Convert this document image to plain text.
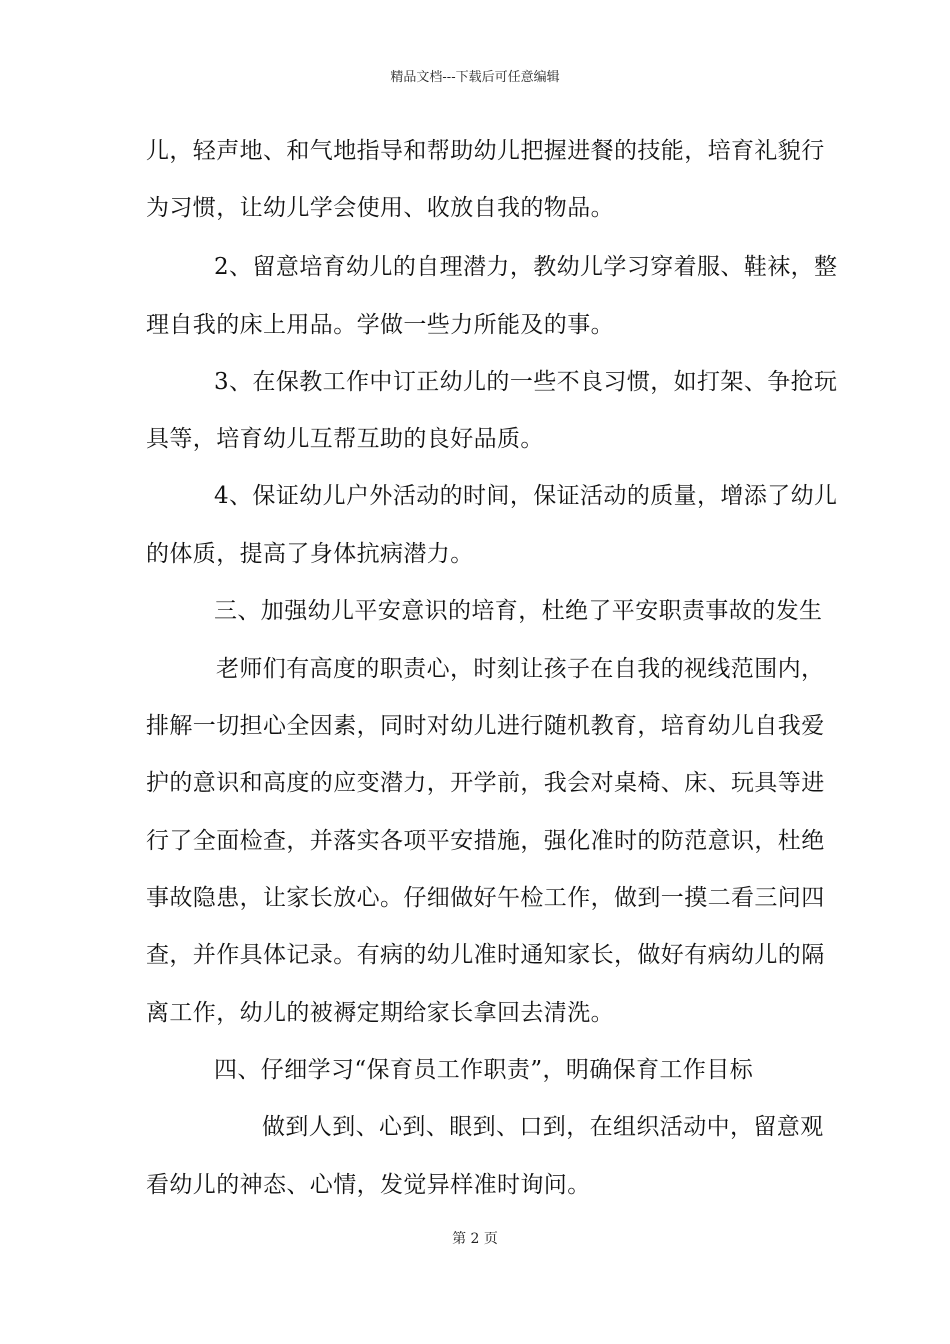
精品文档---下载后可任意编辑
儿，轻声地、和气地指导和帮助幼儿把握进餐的技能，培育礼貌行
为习惯，让幼儿学会使用、收放自我的物品。
2、留意培育幼儿的自理潜力，教幼儿学习穿着服、鞋袜，整
理自我的床上用品。学做一些力所能及的事。
3、在保教工作中订正幼儿的一些不良习惯，如打架、争抢玩
具等，培育幼儿互帮互助的良好品质。
4、保证幼儿户外活动的时间，保证活动的质量，增添了幼儿
的体质，提高了身体抗病潜力。
三、加强幼儿平安意识的培育，杜绝了平安职责事故的发生
老师们有高度的职责心，时刻让孩子在自我的视线范围内，
排解一切担心全因素，同时对幼儿进行随机教育，培育幼儿自我爱
护的意识和高度的应变潜力，开学前，我会对桌椅、床、玩具等进
行了全面检查，并落实各项平安措施，强化准时的防范意识，杜绝
事故隐患，让家长放心。仔细做好午检工作，做到一摸二看三问四
查，并作具体记录。有病的幼儿准时通知家长，做好有病幼儿的隔
离工作，幼儿的被褥定期给家长拿回去清洗。
四、仔细学习“保育员工作职责”，明确保育工作目标
做到人到、心到、眼到、口到，在组织活动中，留意观
看幼儿的神态、心情，发觉异样准时询问。
第 2 页
